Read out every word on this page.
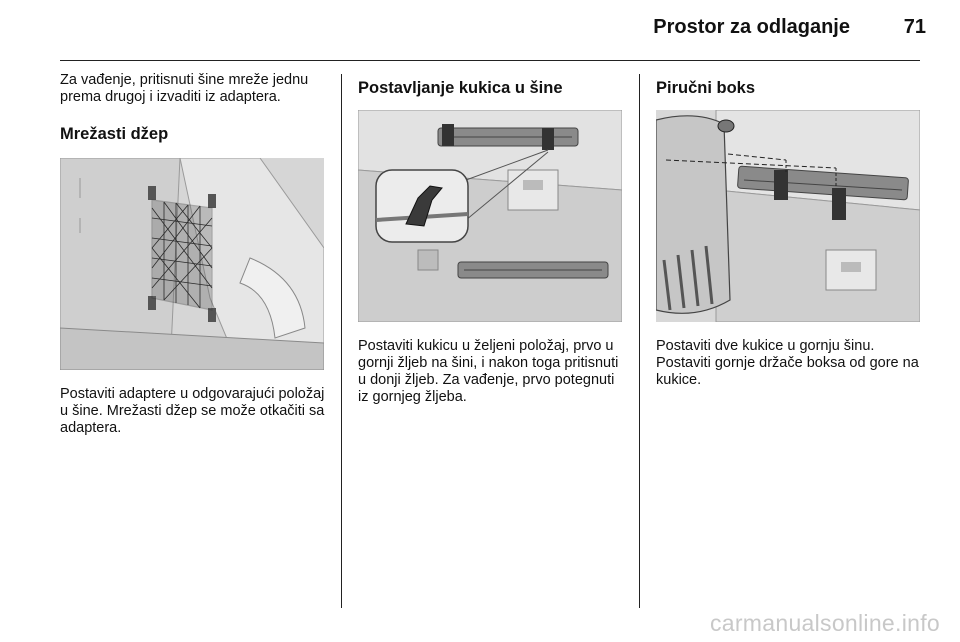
Prostor za odlaganje	71

Za vađenje, pritisnuti šine mreže jednu prema drugoj i izvaditi iz adaptera.

Mrežasti džep

Postaviti adaptere u odgovarajući položaj u šine. Mrežasti džep se može otkačiti sa adaptera.

Postavljanje kukica u šine

Postaviti kukicu u željeni položaj, prvo u gornji žljeb na šini, i nakon toga pritisnuti u donji žljeb. Za vađenje, prvo potegnuti iz gornjeg žljeba.

Piručni boks

Postaviti dve kukice u gornju šinu. Postaviti gornje držače boksa od gore na kukice.

carmanualsonline.info
